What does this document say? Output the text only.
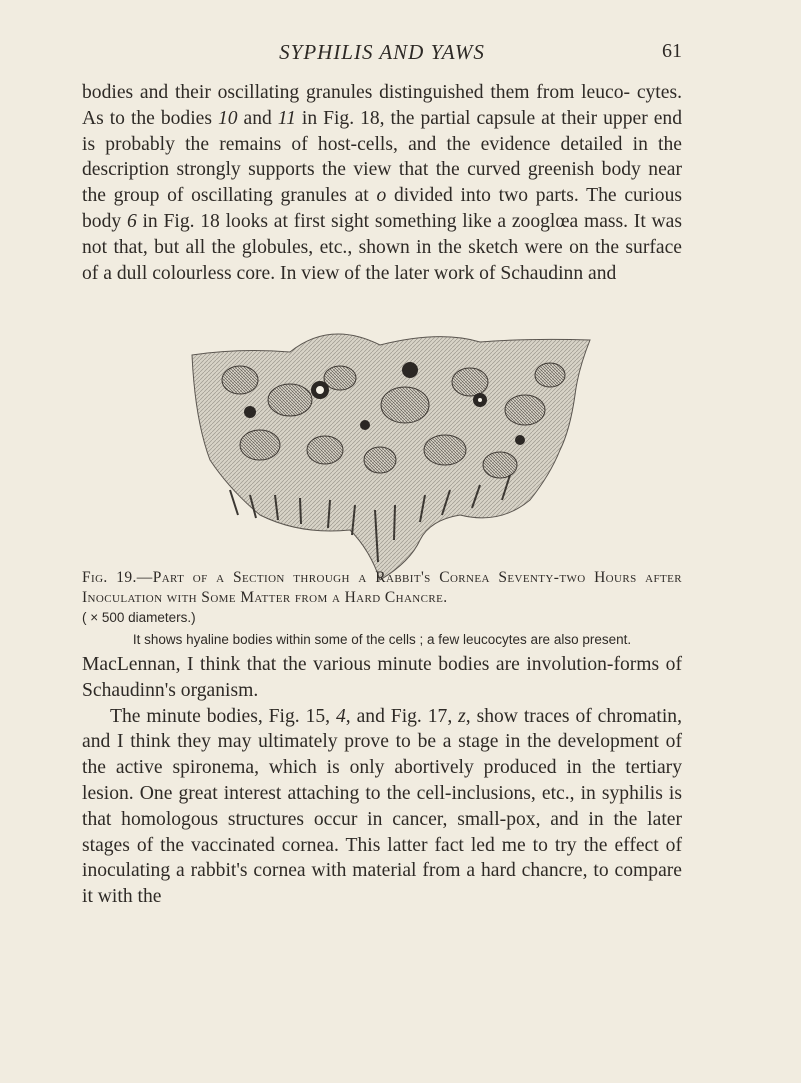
SYPHILIS AND YAWS	61

bodies and their oscillating granules distinguished them from leuco- cytes. As to the bodies 10 and 11 in Fig. 18, the partial capsule at their upper end is probably the remains of host-cells, and the evidence detailed in the description strongly supports the view that the curved greenish body near the group of oscillating granules at o divided into two parts. The curious body 6 in Fig. 18 looks at first sight something like a zooglœa mass. It was not that, but all the globules, etc., shown in the sketch were on the surface of a dull colourless core. In view of the later work of Schaudinn and

Fig. 19.—Part of a Section through a Rabbit's Cornea Seventy-two Hours after Inoculation with Some Matter from a Hard Chancre.
( × 500 diameters.)
It shows hyaline bodies within some of the cells ; a few leucocytes are also present.

MacLennan, I think that the various minute bodies are involution-forms of Schaudinn's organism.

The minute bodies, Fig. 15, 4, and Fig. 17, z, show traces of chromatin, and I think they may ultimately prove to be a stage in the development of the active spironema, which is only abortively produced in the tertiary lesion. One great interest attaching to the cell-inclusions, etc., in syphilis is that homologous structures occur in cancer, small-pox, and in the later stages of the vaccinated cornea. This latter fact led me to try the effect of inoculating a rabbit's cornea with material from a hard chancre, to compare it with the
